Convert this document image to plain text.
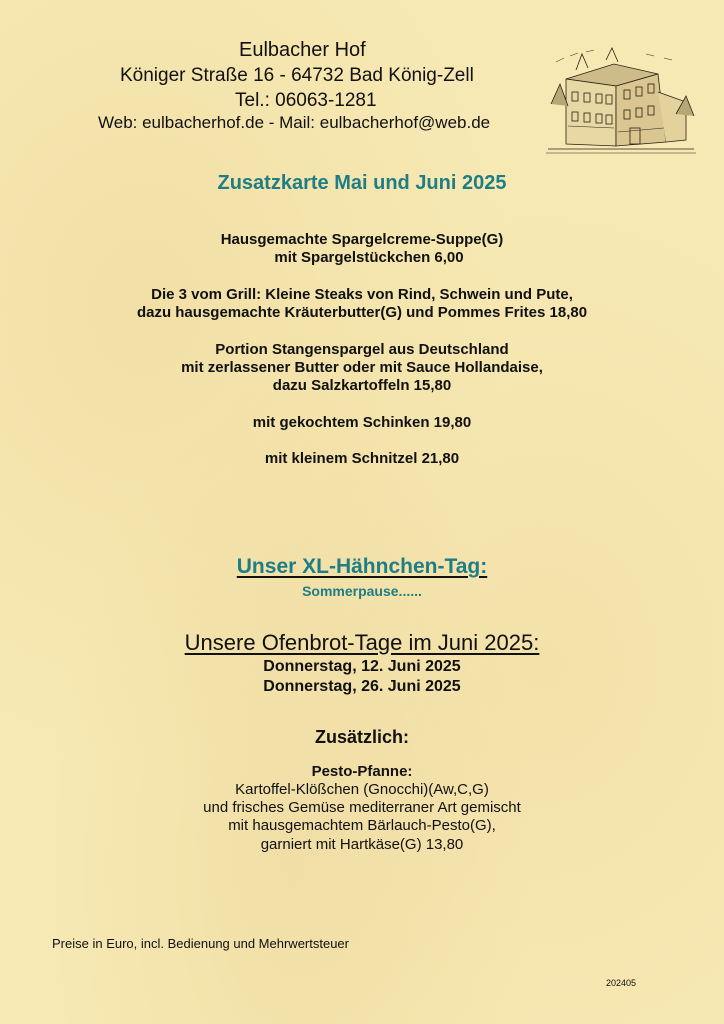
Eulbacher Hof
Königer Straße 16 - 64732 Bad König-Zell
Tel.: 06063-1281
Web: eulbacherhof.de - Mail: eulbacherhof@web.de
Zusatzkarte Mai und Juni 2025
Hausgemachte Spargelcreme-Suppe(G)
mit Spargelstückchen 6,00
Die 3 vom Grill: Kleine Steaks von Rind, Schwein und Pute,
dazu hausgemachte Kräuterbutter(G) und Pommes Frites 18,80
Portion Stangenspargel aus Deutschland
mit zerlassener Butter oder mit Sauce Hollandaise,
dazu Salzkartoffeln 15,80
mit gekochtem Schinken 19,80
mit kleinem Schnitzel 21,80
Unser XL-Hähnchen-Tag:
Sommerpause......
Unsere Ofenbrot-Tage im Juni 2025:
Donnerstag, 12. Juni 2025
Donnerstag, 26. Juni 2025
Zusätzlich:
Pesto-Pfanne:
Kartoffel-Klößchen (Gnocchi)(Aw,C,G)
und frisches Gemüse mediterraner Art gemischt
mit hausgemachtem Bärlauch-Pesto(G),
garniert mit Hartkäse(G) 13,80
Preise in Euro, incl. Bedienung und Mehrwertsteuer
202405
